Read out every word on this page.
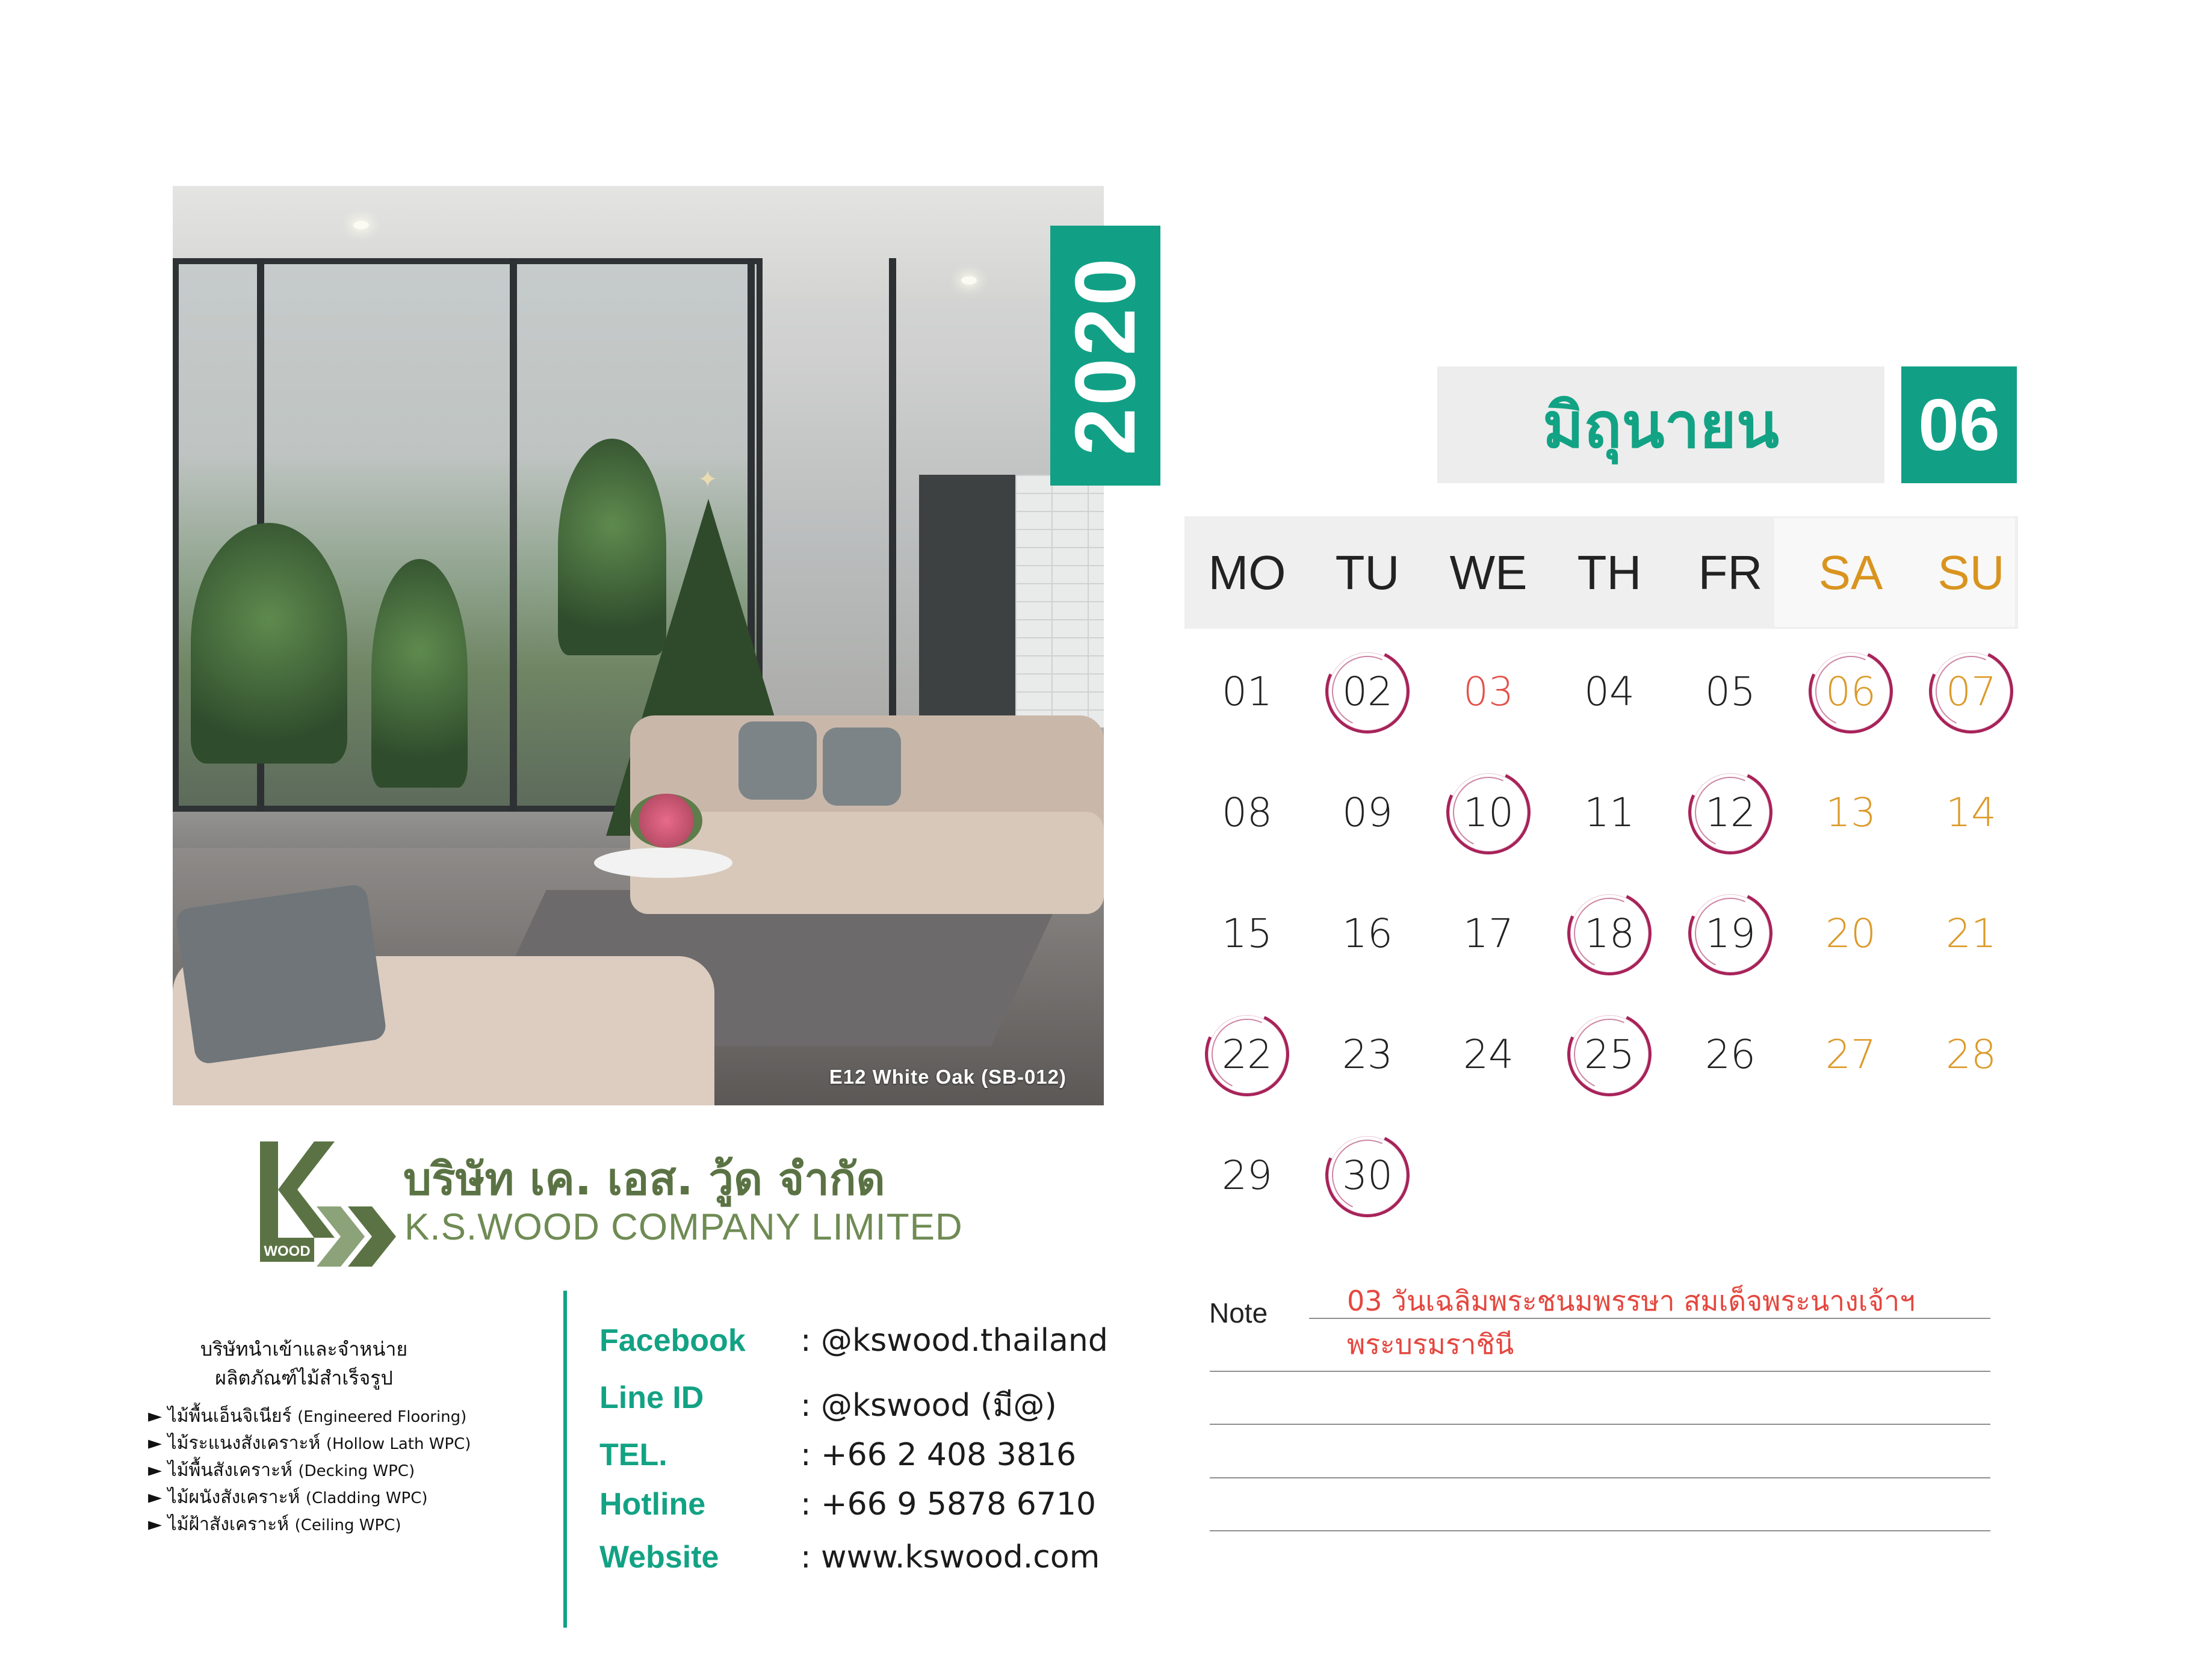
✦
E12 White Oak (SB-012)
2020	มิถุนายน	06
MO	TU	WE	TH	FR	SA	SU
01 02 03 04 05 06 07
08 09 10 11 12 13 14
15 16 17 18 19 20 21
22 23 24 25 26 27 28
29 30
Note	03 วันเฉลิมพระชนมพรรษา สมเด็จพระนางเจ้าฯ
พระบรมราชินี
WOOD
บริษัท เค. เอส. วู้ด จำกัด
K.S.WOOD COMPANY LIMITED
บริษัทนำเข้าและจำหน่าย
ผลิตภัณฑ์ไม้สำเร็จรูป
► ไม้พื้นเอ็นจิเนียร์ (Engineered Flooring)
► ไม้ระแนงสังเคราะห์ (Hollow Lath WPC)
► ไม้พื้นสังเคราะห์ (Decking WPC)
► ไม้ผนังสังเคราะห์ (Cladding WPC)
► ไม้ฝ้าสังเคราะห์ (Ceiling WPC)
Facebook : @kswood.thailand
Line ID	: @kswood (มี@)
TEL.	: +66 2 408 3816
Hotline	: +66 9 5878 6710
Website	: www.kswood.com
